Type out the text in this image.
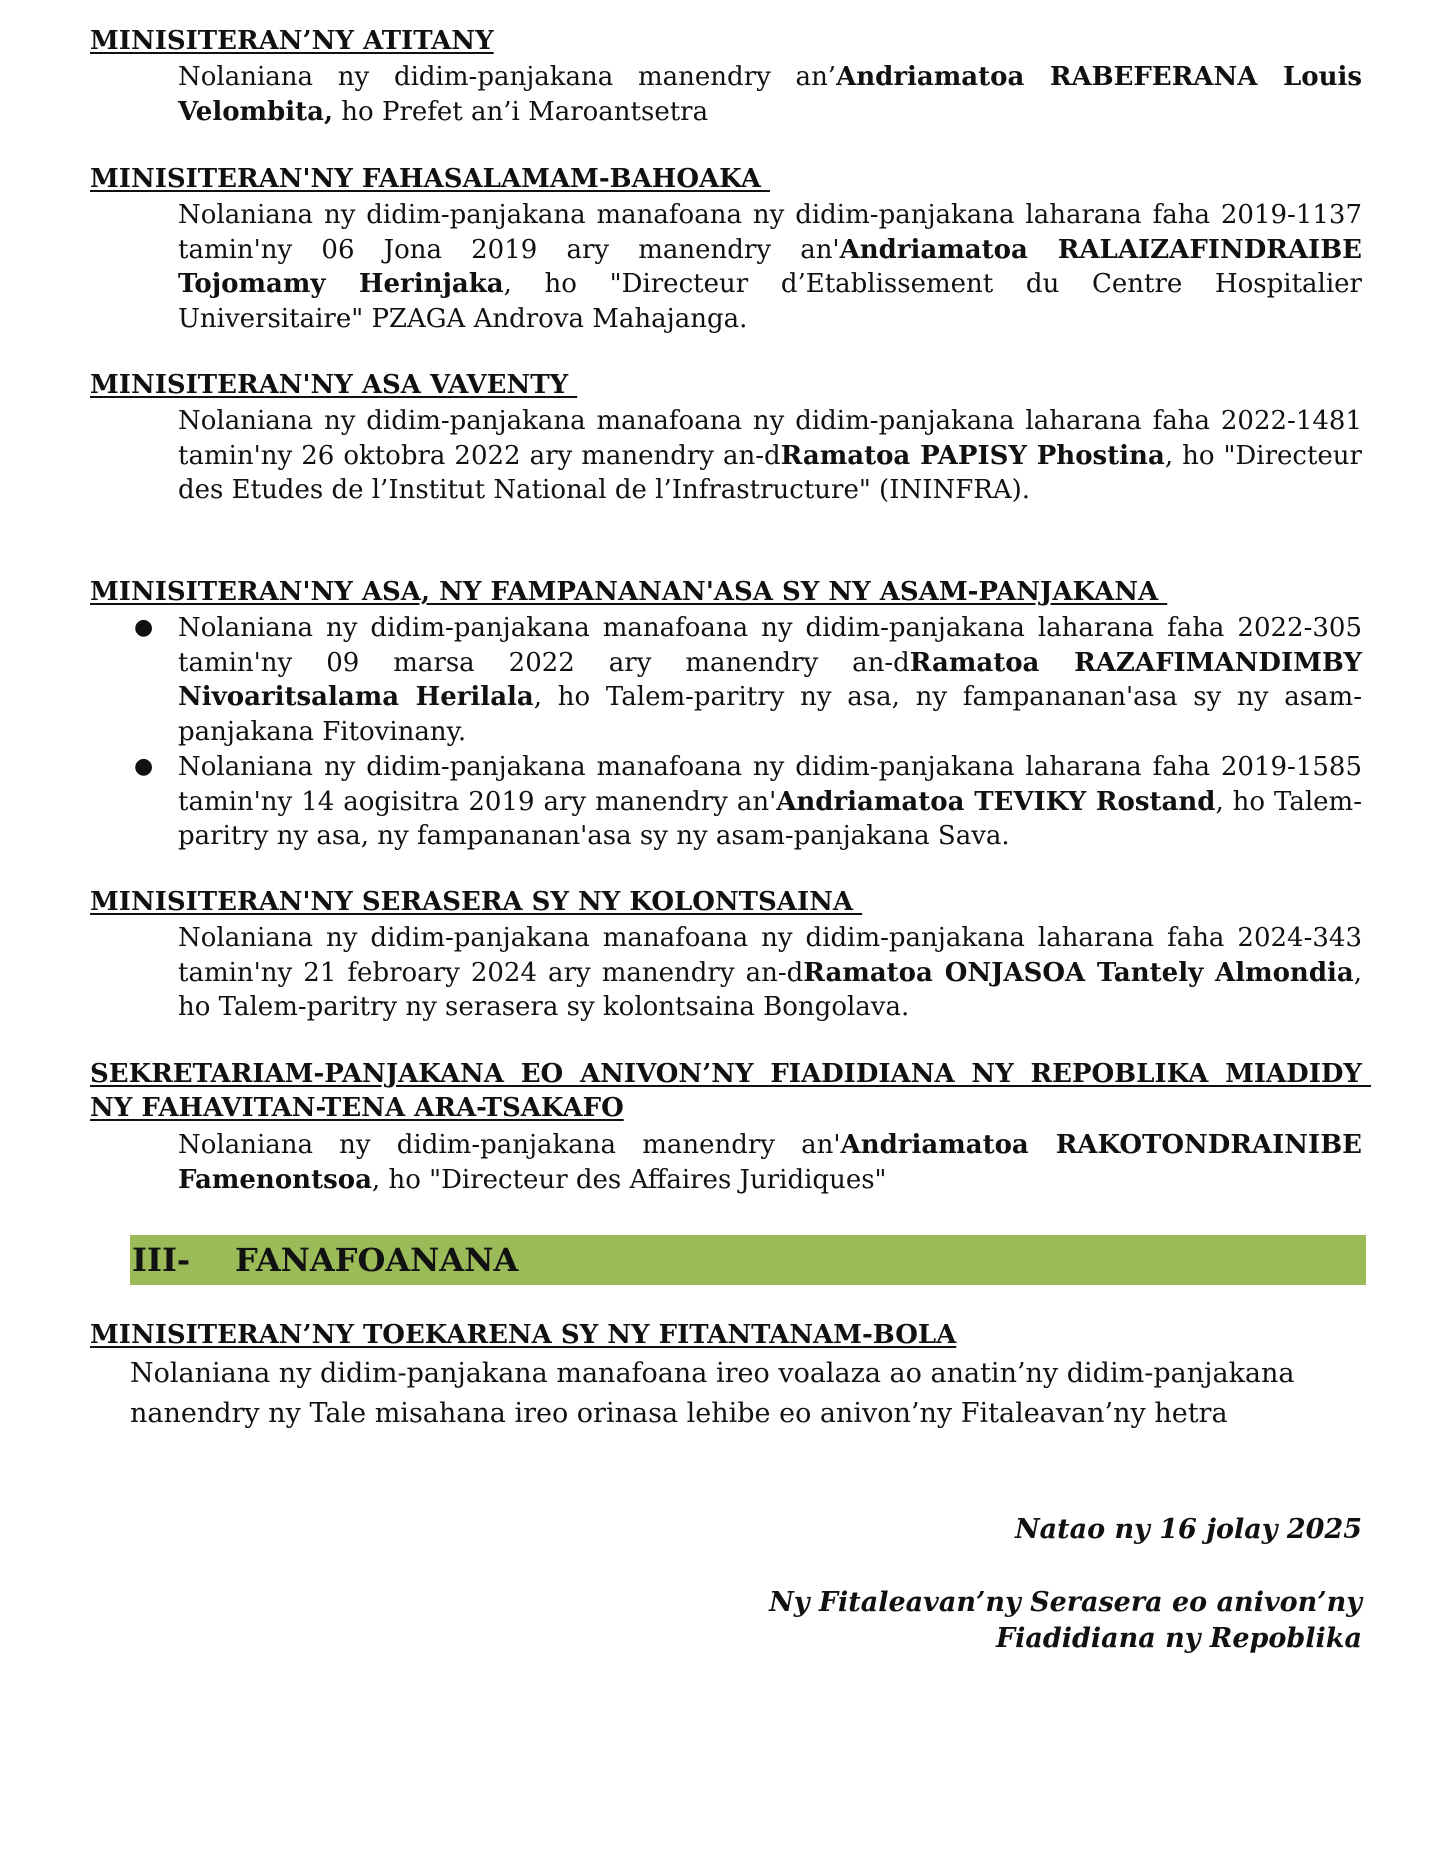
MINISITERAN’NY ATITANY
Nolaniana ny didim-panjakana manendry an’Andriamatoa RABEFERANA Louis Velombita, ho Prefet an’i Maroantsetra
MINISITERAN'NY FAHASALAMAM-BAHOAKA
Nolaniana ny didim-panjakana manafoana ny didim-panjakana laharana faha 2019-1137 tamin'ny 06 Jona 2019 ary manendry an'Andriamatoa RALAIZAFINDRAIBE Tojomamy Herinjaka, ho "Directeur d’Etablissement du Centre Hospitalier Universitaire" PZAGA Androva Mahajanga.
MINISITERAN'NY ASA VAVENTY
Nolaniana ny didim-panjakana manafoana ny didim-panjakana laharana faha 2022-1481 tamin'ny 26 oktobra 2022 ary manendry an-dRamatoa PAPISY Phostina, ho "Directeur des Etudes de l’Institut National de l’Infrastructure" (ININFRA).
MINISITERAN'NY ASA, NY FAMPANANAN'ASA SY NY ASAM-PANJAKANA
● Nolaniana ny didim-panjakana manafoana ny didim-panjakana laharana faha 2022-305 tamin'ny 09 marsa 2022 ary manendry an-dRamatoa RAZAFIMANDIMBY Nivoaritsalama Herilala, ho Talem-paritry ny asa, ny fampananan'asa sy ny asam-panjakana Fitovinany.
● Nolaniana ny didim-panjakana manafoana ny didim-panjakana laharana faha 2019-1585 tamin'ny 14 aogisitra 2019 ary manendry an'Andriamatoa TEVIKY Rostand, ho Talem-paritry ny asa, ny fampananan'asa sy ny asam-panjakana Sava.
MINISITERAN'NY SERASERA SY NY KOLONTSAINA
Nolaniana ny didim-panjakana manafoana ny didim-panjakana laharana faha 2024-343 tamin'ny 21 febroary 2024 ary manendry an-dRamatoa ONJASOA Tantely Almondia, ho Talem-paritry ny serasera sy kolontsaina Bongolava.
SEKRETARIAM-PANJAKANA EO ANIVON’NY FIADIDIANA NY REPOBLIKA MIADIDY NY FAHAVITAN-TENA ARA-TSAKAFO
Nolaniana ny didim-panjakana manendry an'Andriamatoa RAKOTONDRAINIBE Famenontsoa, ho "Directeur des Affaires Juridiques"
III- FANAFOANANA
MINISITERAN’NY TOEKARENA SY NY FITANTANAM-BOLA
Nolaniana ny didim-panjakana manafoana ireo voalaza ao anatin’ny didim-panjakana nanendry ny Tale misahana ireo orinasa lehibe eo anivon’ny Fitaleavan’ny hetra
Natao ny 16 jolay 2025
Ny Fitaleavan’ny Serasera eo anivon’ny
Fiadidiana ny Repoblika
